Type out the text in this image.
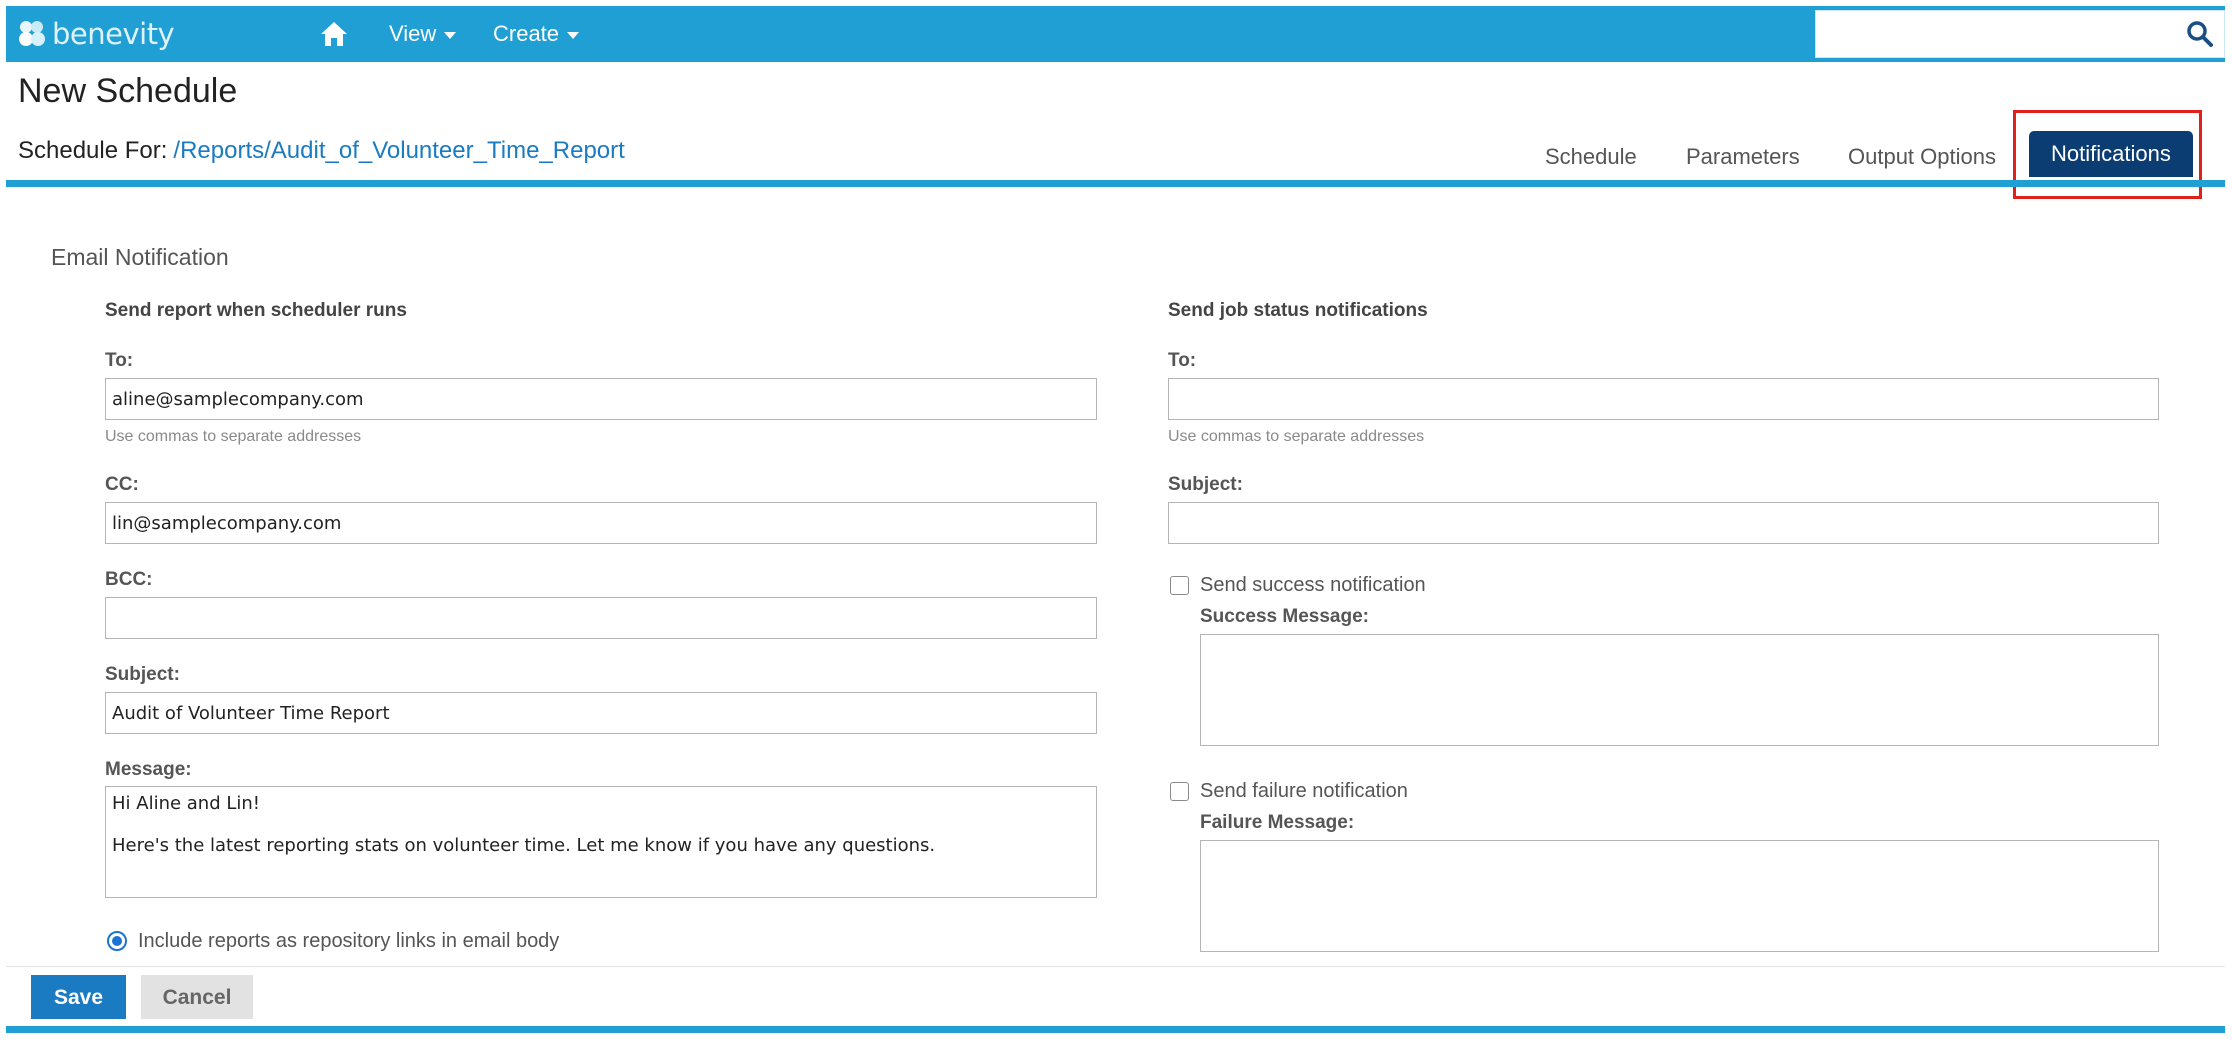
benevity	View	Create
New Schedule
Schedule For: /Reports/Audit_of_Volunteer_Time_Report	Schedule Parameters Output Options	Notifications
Email Notification
Send report when scheduler runs
To:
aline@samplecompany.com
Use commas to separate addresses
CC:
lin@samplecompany.com
BCC:
Subject:
Audit of Volunteer Time Report
Message:
Hi Aline and Lin!

Here's the latest reporting stats on volunteer time. Let me know if you have any questions.
Include reports as repository links in email body
Send job status notifications
To:
Use commas to separate addresses
Subject:
Send success notification
Success Message:
Send failure notification
Failure Message:
Save	Cancel
